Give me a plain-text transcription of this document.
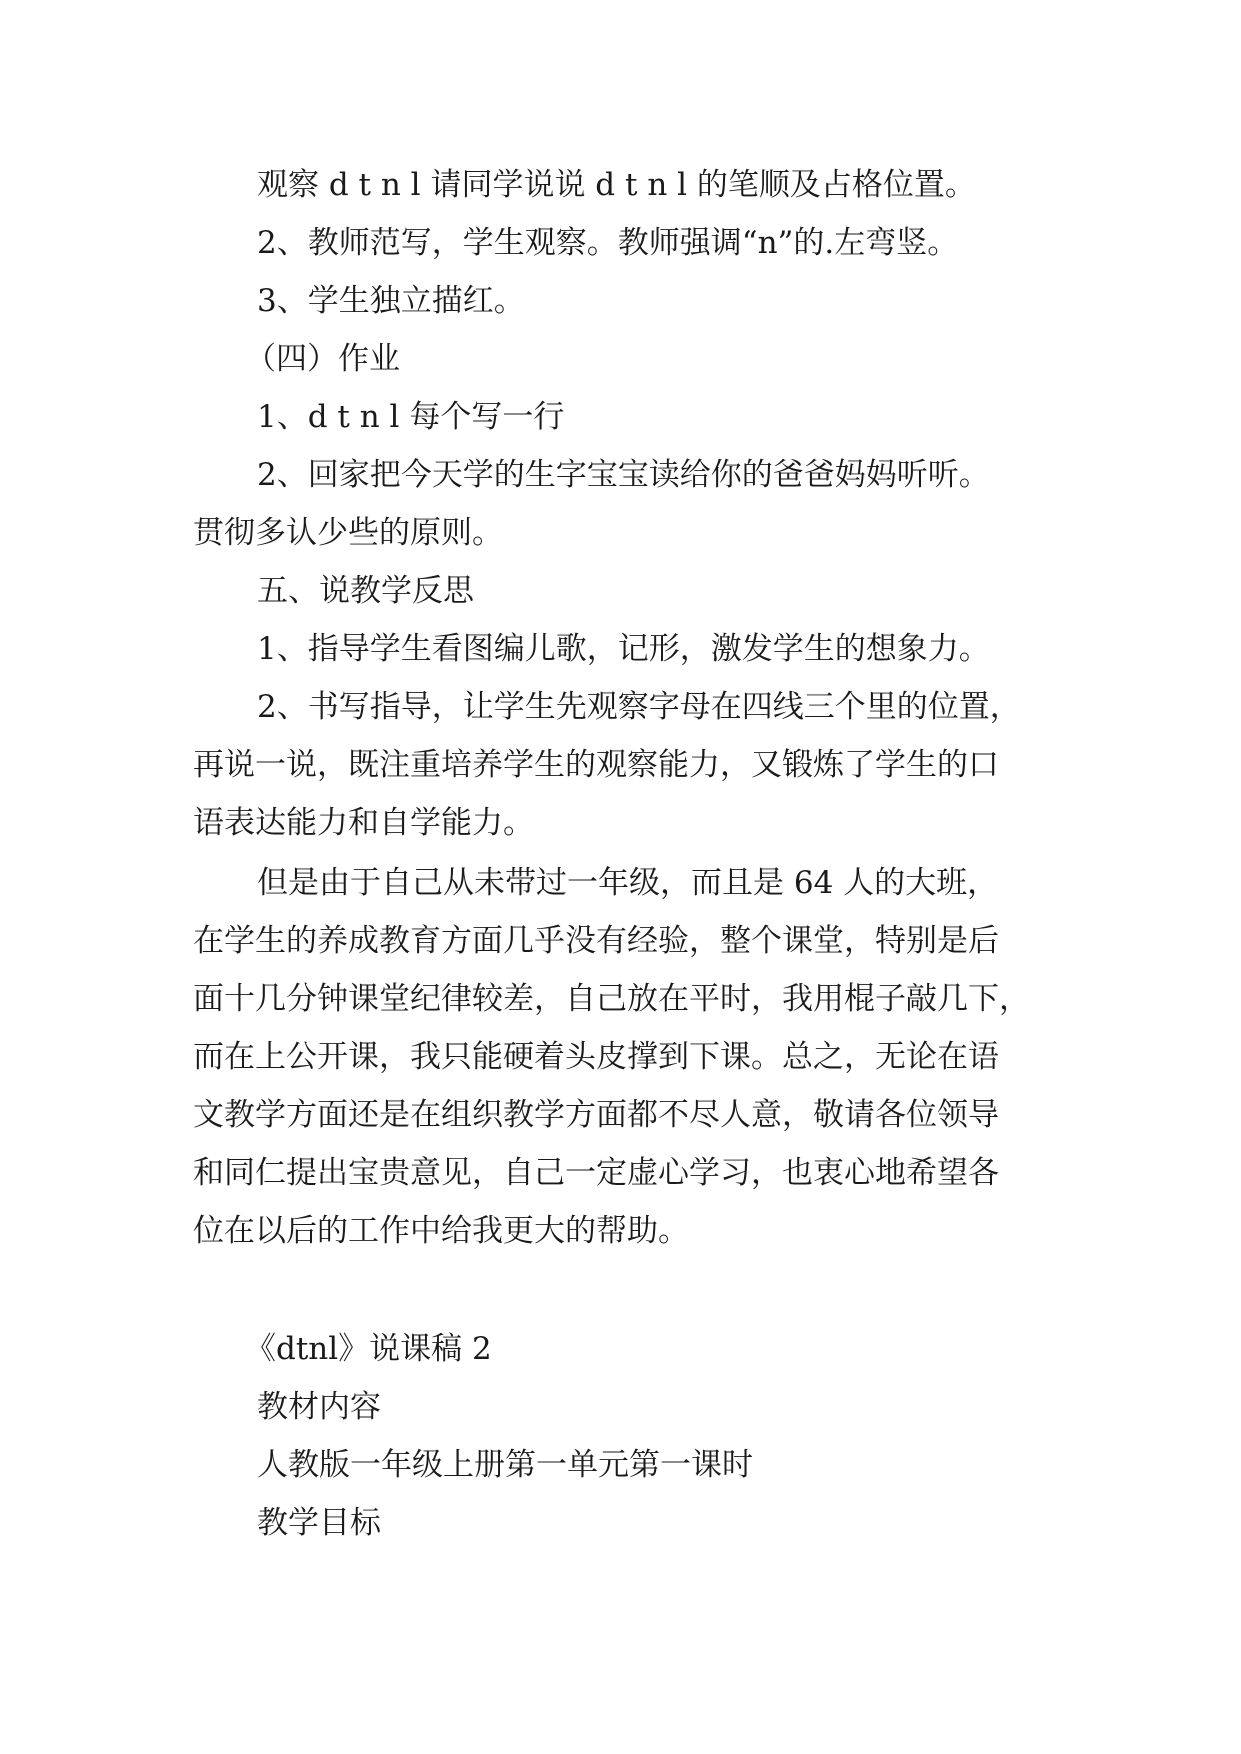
观察 d t n l 请同学说说 d t n l 的笔顺及占格位置。
2、教师范写，学生观察。教师强调“n”的.左弯竖。
3、学生独立描红。
（四）作业
1、d t n l 每个写一行
2、回家把今天学的生字宝宝读给你的爸爸妈妈听听。
贯彻多认少些的原则。
五、说教学反思
1、指导学生看图编儿歌，记形，激发学生的想象力。
2、书写指导，让学生先观察字母在四线三个里的位置，
再说一说，既注重培养学生的观察能力，又锻炼了学生的口
语表达能力和自学能力。
但是由于自己从未带过一年级，而且是 64 人的大班，
在学生的养成教育方面几乎没有经验，整个课堂，特别是后
面十几分钟课堂纪律较差，自己放在平时，我用棍子敲几下，
而在上公开课，我只能硬着头皮撑到下课。总之，无论在语
文教学方面还是在组织教学方面都不尽人意，敬请各位领导
和同仁提出宝贵意见，自己一定虚心学习，也衷心地希望各
位在以后的工作中给我更大的帮助。
《dtnl》说课稿 2
教材内容
人教版一年级上册第一单元第一课时
教学目标
